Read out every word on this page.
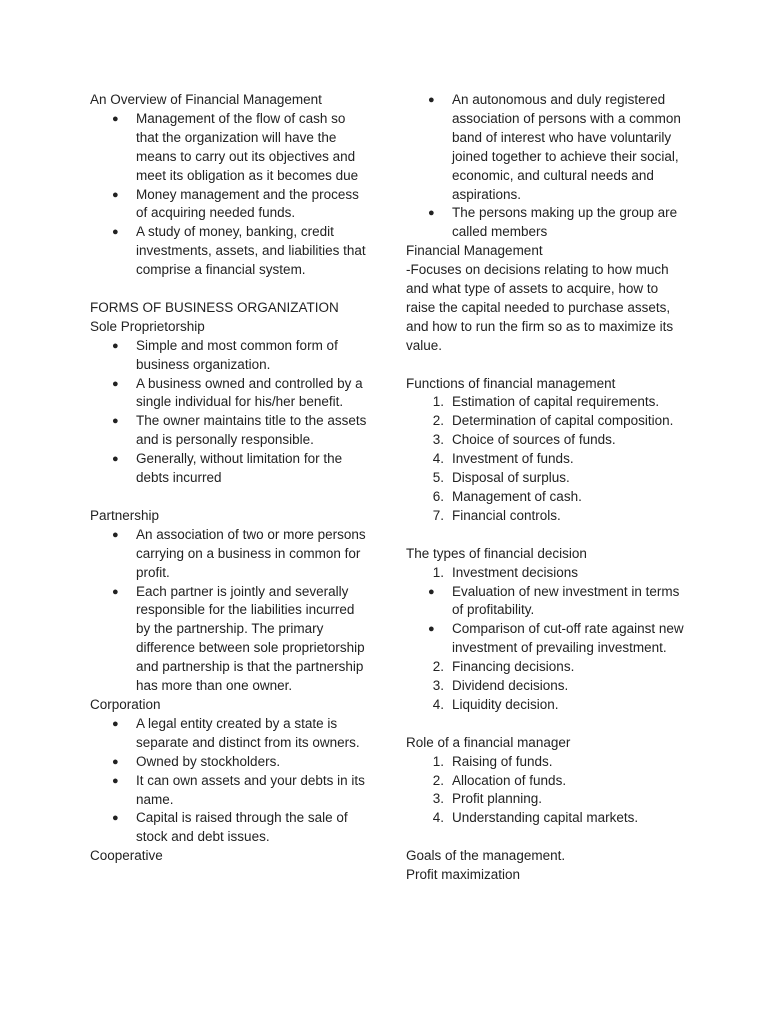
An Overview of Financial Management
● Management of the flow of cash so that the organization will have the means to carry out its objectives and meet its obligation as it becomes due
● Money management and the process of acquiring needed funds.
● A study of money, banking, credit investments, assets, and liabilities that comprise a financial system.
FORMS OF BUSINESS ORGANIZATION
Sole Proprietorship
● Simple and most common form of business organization.
● A business owned and controlled by a single individual for his/her benefit.
● The owner maintains title to the assets and is personally responsible.
● Generally, without limitation for the debts incurred
Partnership
● An association of two or more persons carrying on a business in common for profit.
● Each partner is jointly and severally responsible for the liabilities incurred by the partnership. The primary difference between sole proprietorship and partnership is that the partnership has more than one owner.
Corporation
● A legal entity created by a state is separate and distinct from its owners.
● Owned by stockholders.
● It can own assets and your debts in its name.
● Capital is raised through the sale of stock and debt issues.
Cooperative
● An autonomous and duly registered association of persons with a common band of interest who have voluntarily joined together to achieve their social, economic, and cultural needs and aspirations.
● The persons making up the group are called members
Financial Management
-Focuses on decisions relating to how much and what type of assets to acquire, how to raise the capital needed to purchase assets, and how to run the firm so as to maximize its value.
Functions of financial management
1. Estimation of capital requirements.
2. Determination of capital composition.
3. Choice of sources of funds.
4. Investment of funds.
5. Disposal of surplus.
6. Management of cash.
7. Financial controls.
The types of financial decision
1. Investment decisions
● Evaluation of new investment in terms of profitability.
● Comparison of cut-off rate against new investment of prevailing investment.
2. Financing decisions.
3. Dividend decisions.
4. Liquidity decision.
Role of a financial manager
1. Raising of funds.
2. Allocation of funds.
3. Profit planning.
4. Understanding capital markets.
Goals of the management.
Profit maximization
